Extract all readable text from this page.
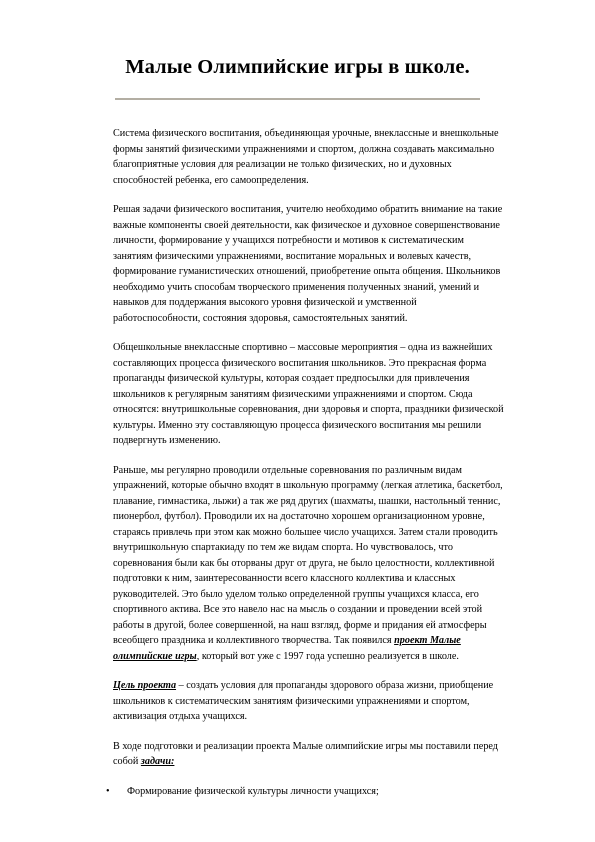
Малые Олимпийские игры в школе.

Система физического воспитания, объединяющая урочные, внеклассные и внешкольные формы занятий физическими упражнениями и спортом, должна создавать максимально благоприятные условия для реализации не только физических, но и духовных способностей ребенка, его самоопределения.

Решая задачи физического воспитания, учителю необходимо обратить внимание на такие важные компоненты своей деятельности, как физическое и духовное совершенствование личности, формирование у учащихся потребности и мотивов к систематическим занятиям физическими упражнениями, воспитание моральных и волевых качеств, формирование гуманистических отношений, приобретение опыта общения. Школьников необходимо учить способам творческого применения полученных знаний, умений и навыков для поддержания высокого уровня физической и умственной работоспособности, состояния здоровья, самостоятельных занятий.

Общешкольные внеклассные спортивно – массовые мероприятия – одна из важнейших составляющих процесса физического воспитания школьников. Это прекрасная форма пропаганды физической культуры, которая создает предпосылки для привлечения школьников к регулярным занятиям физическими упражнениями и спортом. Сюда относятся: внутришкольные соревнования, дни здоровья и спорта, праздники физической культуры. Именно эту составляющую процесса физического воспитания мы решили подвергнуть изменению.

Раньше, мы регулярно проводили отдельные соревнования по различным видам упражнений, которые обычно входят в школьную программу (легкая атлетика, баскетбол, плавание, гимнастика, лыжи) а так же ряд других (шахматы, шашки, настольный теннис, пионербол, футбол). Проводили их на достаточно хорошем организационном уровне, стараясь привлечь при этом как можно большее число учащихся. Затем стали проводить внутришкольную спартакиаду по тем же видам спорта. Но чувствовалось, что соревнования были как бы оторваны друг от друга, не было целостности, коллективной подготовки к ним, заинтересованности всего классного коллектива и классных руководителей. Это было уделом только определенной группы учащихся класса, его спортивного актива. Все это навело нас на мысль о создании и проведении всей этой работы в другой, более совершенной, на наш взгляд, форме и придания ей атмосферы всеобщего праздника и коллективного творчества. Так появился проект Малые олимпийские игры, который вот уже с 1997 года успешно реализуется в школе.

Цель проекта – создать условия для пропаганды здорового образа жизни, приобщение школьников к систематическим занятиям физическими упражнениями и спортом, активизация отдыха учащихся.

В ходе подготовки и реализации проекта Малые олимпийские игры мы поставили перед собой задачи:

• Формирование физической культуры личности учащихся;
